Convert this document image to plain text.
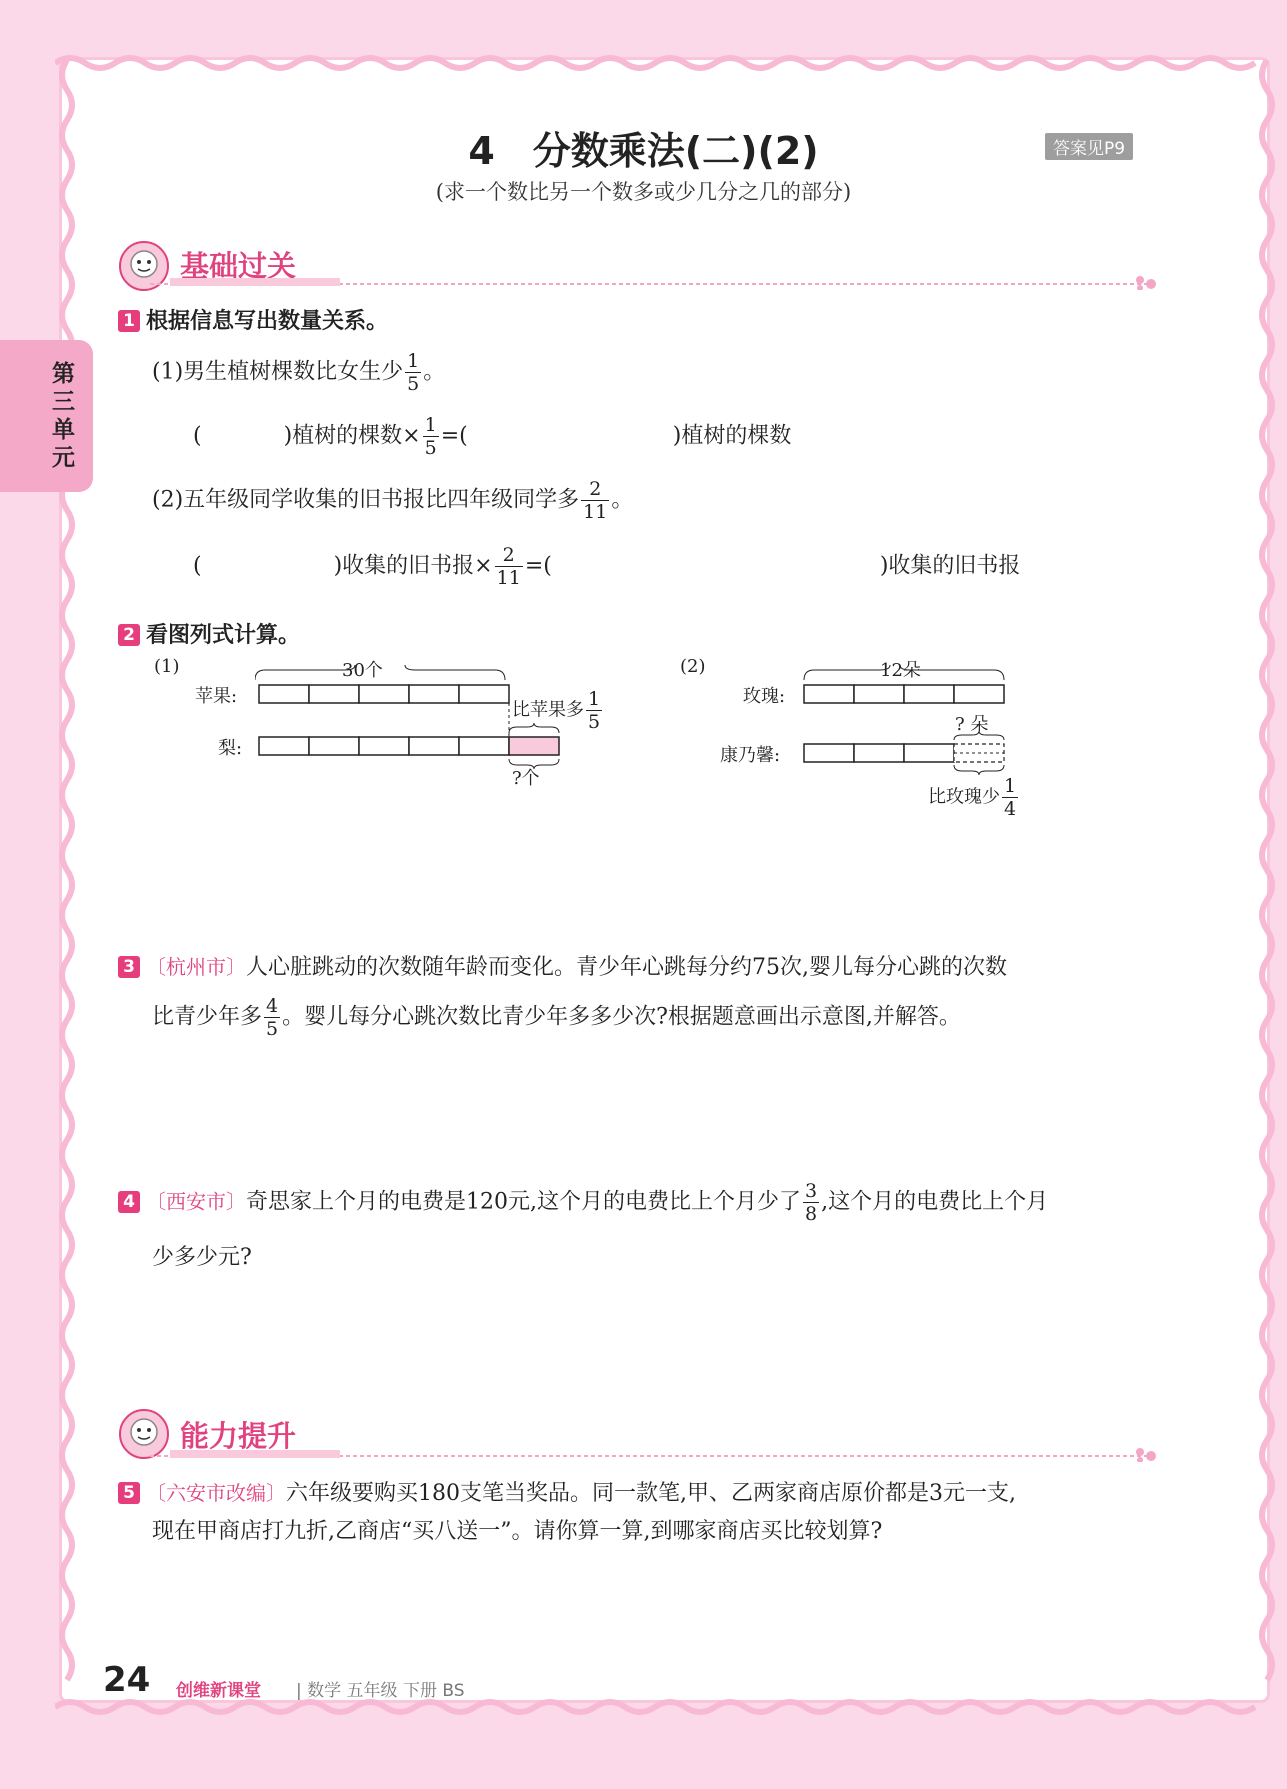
4　分数乘法(二)(2)
(求一个数比另一个数多或少几分之几的部分)
答案见P9
第三单元
基础过关
1 根据信息写出数量关系。
(1)男生植树棵数比女生少 $\frac{1}{5}$ 。
(	)植树的棵数× $\frac{1}{5}$ =(	)植树的棵数
(2)五年级同学收集的旧书报比四年级同学多 $\frac{2}{11}$ 。
(	)收集的旧书报× $\frac{2}{11}$ =(	)收集的旧书报
2 看图列式计算。
(1)	30个
苹果:
梨:
比苹果多 $\frac{1}{5}$
?个
(2)	12朵
玫瑰:
康乃馨:
? 朵
比玫瑰少 $\frac{1}{4}$
3 〔杭州市〕人心脏跳动的次数随年龄而变化。青少年心跳每分约75次,婴儿每分心跳的次数
比青少年多 $\frac{4}{5}$ 。婴儿每分心跳次数比青少年多多少次?根据题意画出示意图,并解答。
4 〔西安市〕奇思家上个月的电费是120元,这个月的电费比上个月少了 $\frac{3}{8}$ ,这个月的电费比上个月
少多少元?
能力提升
5 〔六安市改编〕六年级要购买180支笔当奖品。同一款笔,甲、乙两家商店原价都是3元一支,
现在甲商店打九折,乙商店“买八送一”。请你算一算,到哪家商店买比较划算?
24 创维新课堂 | 数学 五年级 下册 BS
